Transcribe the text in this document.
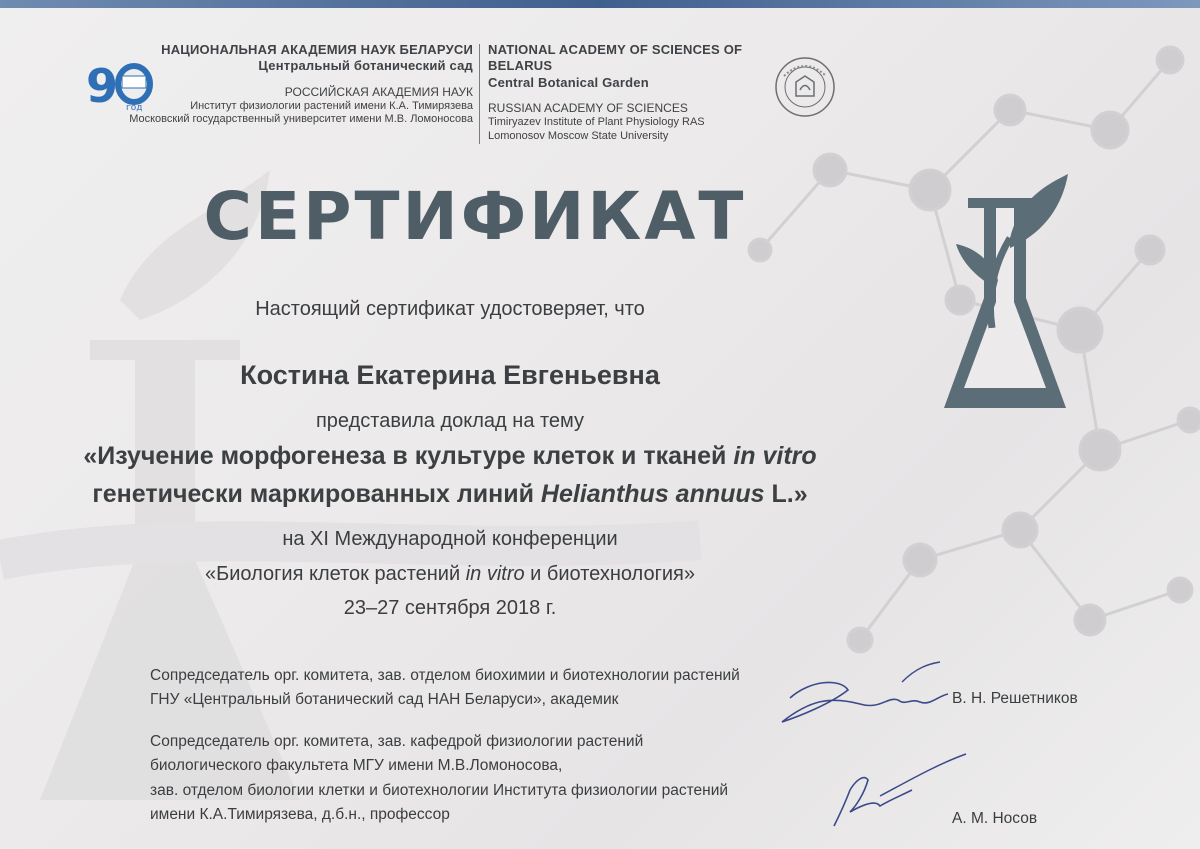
9 год
НАЦИОНАЛЬНАЯ АКАДЕМИЯ НАУК БЕЛАРУСИ
Центральный ботанический сад
РОССИЙСКАЯ АКАДЕМИЯ НАУК
Институт физиологии растений имени К.А. Тимирязева
Московский государственный университет имени М.В. Ломоносова
NATIONAL ACADEMY OF SCIENCES OF BELARUS
Central Botanical Garden
RUSSIAN ACADEMY OF SCIENCES
Timiryazev Institute of Plant Physiology RAS
Lomonosov Moscow State University
СЕРТИФИКАТ
Настоящий сертификат удостоверяет, что
Костина Екатерина Евгеньевна
представила доклад на тему
«Изучение морфогенеза в культуре клеток и тканей in vitro
генетически маркированных линий Helianthus annuus L.»
на XI Международной конференции
«Биология клеток растений in vitro и биотехнология»
23–27 сентября 2018 г.
Сопредседатель орг. комитета, зав. отделом биохимии и биотехнологии растений
ГНУ «Центральный ботанический сад НАН Беларуси», академик	В. Н. Решетников
Сопредседатель орг. комитета, зав. кафедрой физиологии растений
биологического факультета МГУ имени М.В.Ломоносова,
зав. отделом биологии клетки и биотехнологии Института физиологии растений
имени К.А.Тимирязева, д.б.н., профессор	А. М. Носов
